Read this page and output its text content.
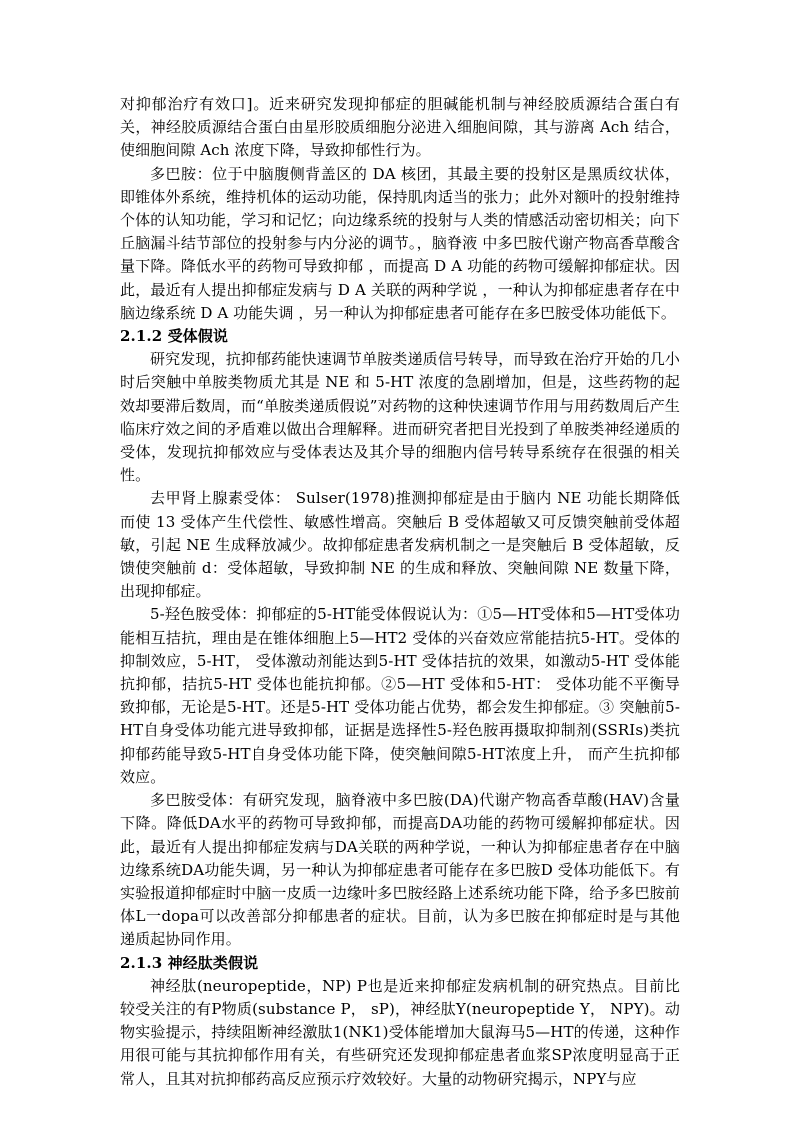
对抑郁治疗有效口]。近来研究发现抑郁症的胆碱能机制与神经胶质源结合蛋白有关，神经胶质源结合蛋白由星形胶质细胞分泌进入细胞间隙，其与游离 Ach 结合，使细胞间隙 Ach 浓度下降，导致抑郁性行为。

多巴胺：位于中脑腹侧背盖区的 DA 核团，其最主要的投射区是黑质纹状体，即锥体外系统，维持机体的运动功能，保持肌肉适当的张力；此外对额叶的投射维持个体的认知功能，学习和记忆；向边缘系统的投射与人类的情感活动密切相关；向下丘脑漏斗结节部位的投射参与内分泌的调节。，脑脊液 中多巴胺代谢产物高香草酸含量下降。降低水平的药物可导致抑郁 ，而提高 D A 功能的药物可缓解抑郁症状。因此，最近有人提出抑郁症发病与 D A 关联的两种学说 ，一种认为抑郁症患者存在中脑边缘系统 D A 功能失调 ，另一种认为抑郁症患者可能存在多巴胺受体功能低下。

2.1.2 受体假说

研究发现，抗抑郁药能快速调节单胺类递质信号转导，而导致在治疗开始的几小时后突触中单胺类物质尤其是 NE 和 5-HT 浓度的急剧增加，但是，这些药物的起效却要滞后数周，而“单胺类递质假说”对药物的这种快速调节作用与用药数周后产生临床疗效之间的矛盾难以做出合理解释。进而研究者把目光投到了单胺类神经递质的受体，发现抗抑郁效应与受体表达及其介导的细胞内信号转导系统存在很强的相关性。

去甲肾上腺素受体： Sulser(1978)推测抑郁症是由于脑内 NE 功能长期降低而使 13 受体产生代偿性、敏感性增高。突触后 B 受体超敏又可反馈突触前受体超敏，引起 NE 生成释放减少。故抑郁症患者发病机制之一是突触后 B 受体超敏，反馈使突触前 d：受体超敏，导致抑制 NE 的生成和释放、突触间隙 NE 数量下降，出现抑郁症。

5-羟色胺受体：抑郁症的5-HT能受体假说认为：①5—HT受体和5—HT受体功能相互拮抗，理由是在锥体细胞上5—HT2 受体的兴奋效应常能拮抗5-HT。受体的抑制效应，5-HT， 受体激动剂能达到5-HT 受体拮抗的效果，如激动5-HT 受体能抗抑郁，拮抗5-HT 受体也能抗抑郁。②5—HT 受体和5-HT： 受体功能不平衡导致抑郁，无论是5-HT。还是5-HT 受体功能占优势，都会发生抑郁症。③ 突触前5-HT自身受体功能亢进导致抑郁，证据是选择性5-羟色胺再摄取抑制剂(SSRIs)类抗抑郁药能导致5-HT自身受体功能下降，使突触间隙5-HT浓度上升， 而产生抗抑郁效应。

多巴胺受体：有研究发现，脑脊液中多巴胺(DA)代谢产物高香草酸(HAV)含量下降。降低DA水平的药物可导致抑郁，而提高DA功能的药物可缓解抑郁症状。因此，最近有人提出抑郁症发病与DA关联的两种学说，一种认为抑郁症患者存在中脑边缘系统DA功能失调，另一种认为抑郁症患者可能存在多巴胺D 受体功能低下。有实验报道抑郁症时中脑一皮质一边缘叶多巴胺经路上述系统功能下降，给予多巴胺前体L一dopa可以改善部分抑郁患者的症状。目前，认为多巴胺在抑郁症时是与其他递质起协同作用。

2.1.3 神经肽类假说

神经肽(neuropeptide，NP) P也是近来抑郁症发病机制的研究热点。目前比较受关注的有P物质(substance P， sP)，神经肽Y(neuropeptide Y， NPY)。动物实验提示，持续阻断神经激肽1(NK1)受体能增加大鼠海马5—HT的传递，这种作用很可能与其抗抑郁作用有关，有些研究还发现抑郁症患者血浆SP浓度明显高于正常人，且其对抗抑郁药高反应预示疗效较好。大量的动物研究揭示，NPY与应
